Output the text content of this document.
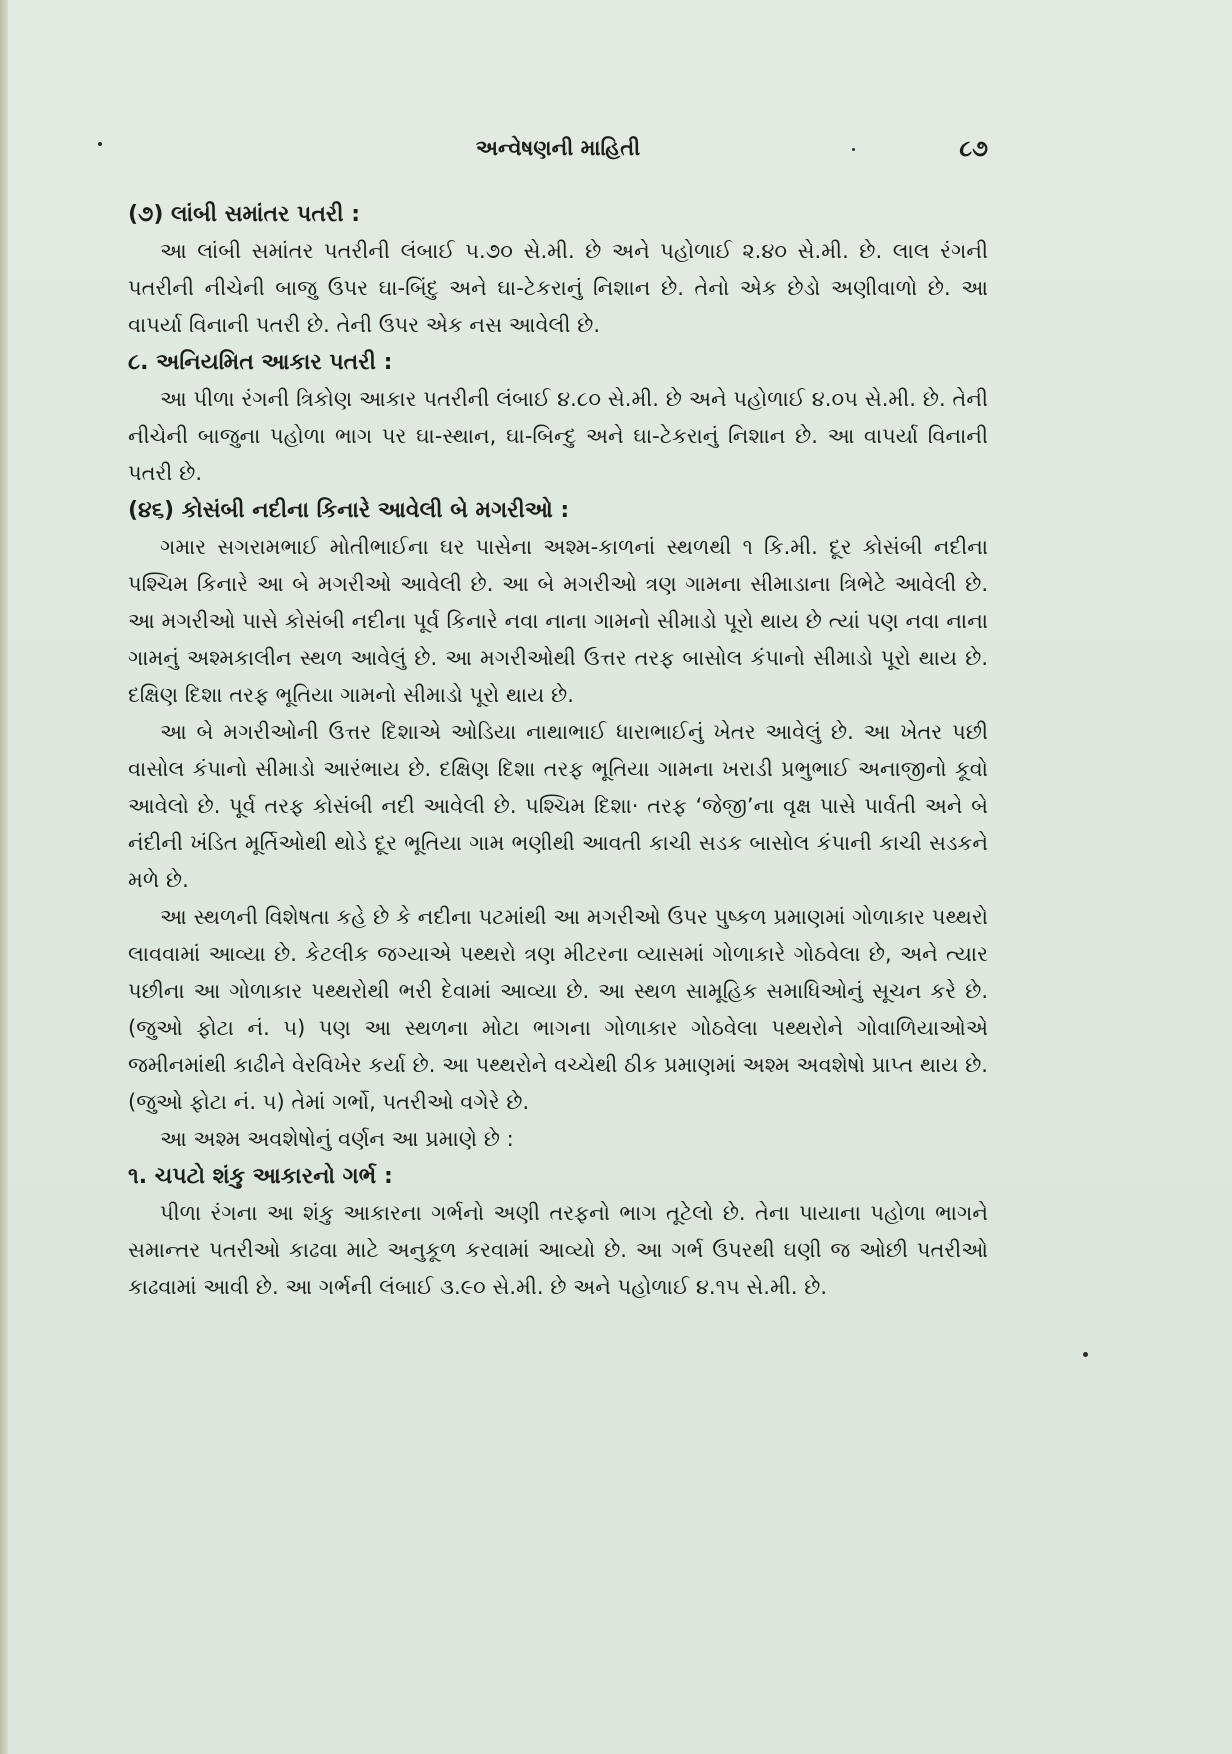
અન્વેષણની માહિતી	૮૭

(૭) લાંબી સમાંતર પતરી :

આ લાંબી સમાંતર પતરીની લંબાઈ ૫.૭૦ સે.મી. છે અને પહોળાઈ ૨.૪૦ સે.મી. છે. લાલ રંગની પતરીની નીચેની બાજુ ઉપર ઘા-બિંદુ અને ઘા-ટેકરાનું નિશાન છે. તેનો એક છેડો અણીવાળો છે. આ વાપર્યા વિનાની પતરી છે. તેની ઉપર એક નસ આવેલી છે.

૮. અનિયમિત આકાર પતરી :

આ પીળા રંગની ત્રિકોણ આકાર પતરીની લંબાઈ ૪.૮૦ સે.મી. છે અને પહોળાઈ ૪.૦૫ સે.મી. છે. તેની નીચેની બાજુના પહોળા ભાગ પર ઘા-સ્થાન, ઘા-બિન્દુ અને ઘા-ટેકરાનું નિશાન છે. આ વાપર્યા વિનાની પતરી છે.

(૪૬) કોસંબી નદીના કિનારે આવેલી બે મગરીઓ :

ગમાર સગરામભાઈ મોતીભાઈના ઘર પાસેના અશ્મ-કાળનાં સ્થળથી ૧ કિ.મી. દૂર કોસંબી નદીના પશ્ચિમ કિનારે આ બે મગરીઓ આવેલી છે. આ બે મગરીઓ ત્રણ ગામના સીમાડાના ત્રિભેટે આવેલી છે. આ મગરીઓ પાસે કોસંબી નદીના પૂર્વ કિનારે નવા નાના ગામનો સીમાડો પૂરો થાય છે ત્યાં પણ નવા નાના ગામનું અશ્મકાલીન સ્થળ આવેલું છે. આ મગરીઓથી ઉત્તર તરફ બાસોલ કંપાનો સીમાડો પૂરો થાય છે. દક્ષિણ દિશા તરફ ભૂતિયા ગામનો સીમાડો પૂરો થાય છે.

આ બે મગરીઓની ઉત્તર દિશાએ ઓડિયા નાથાભાઈ ધારાભાઈનું ખેતર આવેલું છે. આ ખેતર પછી વાસોલ કંપાનો સીમાડો આરંભાય છે. દક્ષિણ દિશા તરફ ભૂતિયા ગામના ખરાડી પ્રભુભાઈ અનાજીનો કૂવો આવેલો છે. પૂર્વ તરફ કોસંબી નદી આવેલી છે. પશ્ચિમ દિશા· તરફ ‘જેજી’ના વૃક્ષ પાસે પાર્વતી અને બે નંદીની ખંડિત મૂર્તિઓથી થોડે દૂર ભૂતિયા ગામ ભણીથી આવતી કાચી સડક બાસોલ કંપાની કાચી સડકને મળે છે.

આ સ્થળની વિશેષતા કહે છે કે નદીના પટમાંથી આ મગરીઓ ઉપર પુષ્કળ પ્રમાણમાં ગોળાકાર પથ્થરો લાવવામાં આવ્યા છે. કેટલીક જગ્યાએ પથ્થરો ત્રણ મીટરના વ્યાસમાં ગોળાકારે ગોઠવેલા છે, અને ત્યાર પછીના આ ગોળાકાર પથ્થરોથી ભરી દેવામાં આવ્યા છે. આ સ્થળ સામૂહિક સમાધિઓનું સૂચન કરે છે. (જુઓ ફોટા નં. ૫) પણ આ સ્થળના મોટા ભાગના ગોળાકાર ગોઠવેલા પથ્થરોને ગોવાળિયાઓએ જમીનમાંથી કાઢીને વેરવિખેર કર્યા છે. આ પથ્થરોને વચ્ચેથી ઠીક પ્રમાણમાં અશ્મ અવશેષો પ્રાપ્ત થાય છે. (જુઓ ફોટા નં. ૫) તેમાં ગર્ભો, પતરીઓ વગેરે છે.

આ અશ્મ અવશેષોનું વર્ણન આ પ્રમાણે છે :

૧. ચપટો શંકુ આકારનો ગર્ભ :

પીળા રંગના આ શંકુ આકારના ગર્ભનો અણી તરફનો ભાગ તૂટેલો છે. તેના પાયાના પહોળા ભાગને સમાન્તર પતરીઓ કાઢવા માટે અનુકૂળ કરવામાં આવ્યો છે. આ ગર્ભ ઉપરથી ઘણી જ ઓછી પતરીઓ કાઢવામાં આવી છે. આ ગર્ભની લંબાઈ ૩.૯૦ સે.મી. છે અને પહોળાઈ ૪.૧૫ સે.મી. છે.
